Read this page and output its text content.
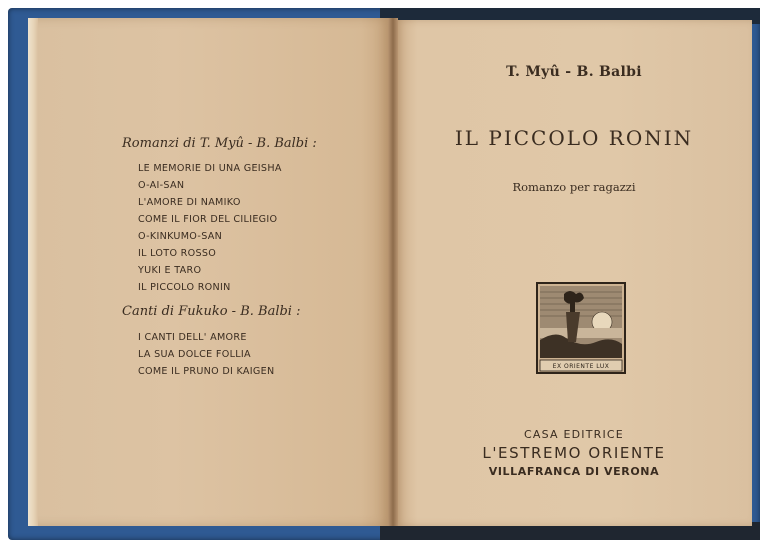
Romanzi di T. Myû - B. Balbi :
LE MEMORIE DI UNA GEISHA
O-AI-SAN
L'AMORE DI NAMIKO
COME IL FIOR DEL CILIEGIO
O-KINKUMO-SAN
IL LOTO ROSSO
YUKI E TARO
IL PICCOLO RONIN
Canti di Fukuko - B. Balbi :
I CANTI DELL' AMORE
LA SUA DOLCE FOLLIA
COME IL PRUNO DI KAIGEN
T. Myû - B. Balbi
IL PICCOLO RONIN
Romanzo per ragazzi
EX ORIENTE LUX
CASA EDITRICE
L'ESTREMO ORIENTE
VILLAFRANCA DI VERONA
